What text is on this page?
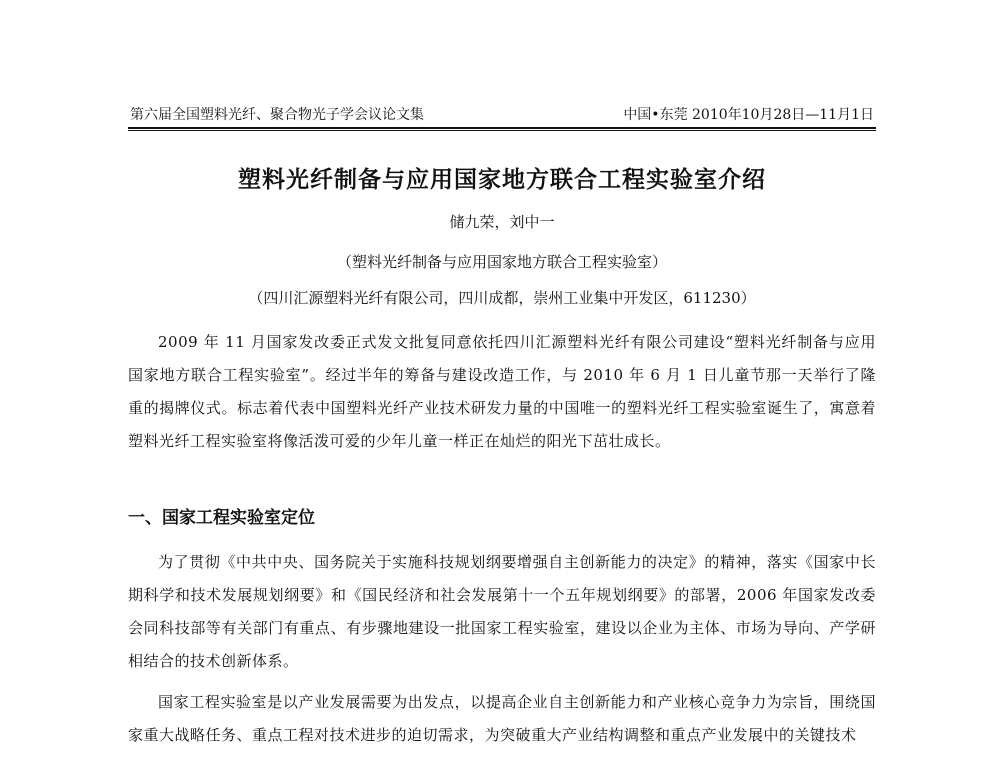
第六届全国塑料光纤、聚合物光子学会议论文集	中国•东莞 2010年10月28日—11月1日
塑料光纤制备与应用国家地方联合工程实验室介绍
储九荣，刘中一
（塑料光纤制备与应用国家地方联合工程实验室）
（四川汇源塑料光纤有限公司，四川成都，崇州工业集中开发区，611230）

2009 年 11 月国家发改委正式发文批复同意依托四川汇源塑料光纤有限公司建设“塑料光纤制备与应用国家地方联合工程实验室”。经过半年的筹备与建设改造工作，与 2010 年 6 月 1 日儿童节那一天举行了隆重的揭牌仪式。标志着代表中国塑料光纤产业技术研发力量的中国唯一的塑料光纤工程实验室诞生了，寓意着塑料光纤工程实验室将像活泼可爱的少年儿童一样正在灿烂的阳光下茁壮成长。

一、国家工程实验室定位

为了贯彻《中共中央、国务院关于实施科技规划纲要增强自主创新能力的决定》的精神，落实《国家中长期科学和技术发展规划纲要》和《国民经济和社会发展第十一个五年规划纲要》的部署，2006 年国家发改委会同科技部等有关部门有重点、有步骤地建设一批国家工程实验室，建设以企业为主体、市场为导向、产学研相结合的技术创新体系。

国家工程实验室是以产业发展需要为出发点，以提高企业自主创新能力和产业核心竞争力为宗旨，围绕国家重大战略任务、重点工程对技术进步的迫切需求，为突破重大产业结构调整和重点产业发展中的关键技术
